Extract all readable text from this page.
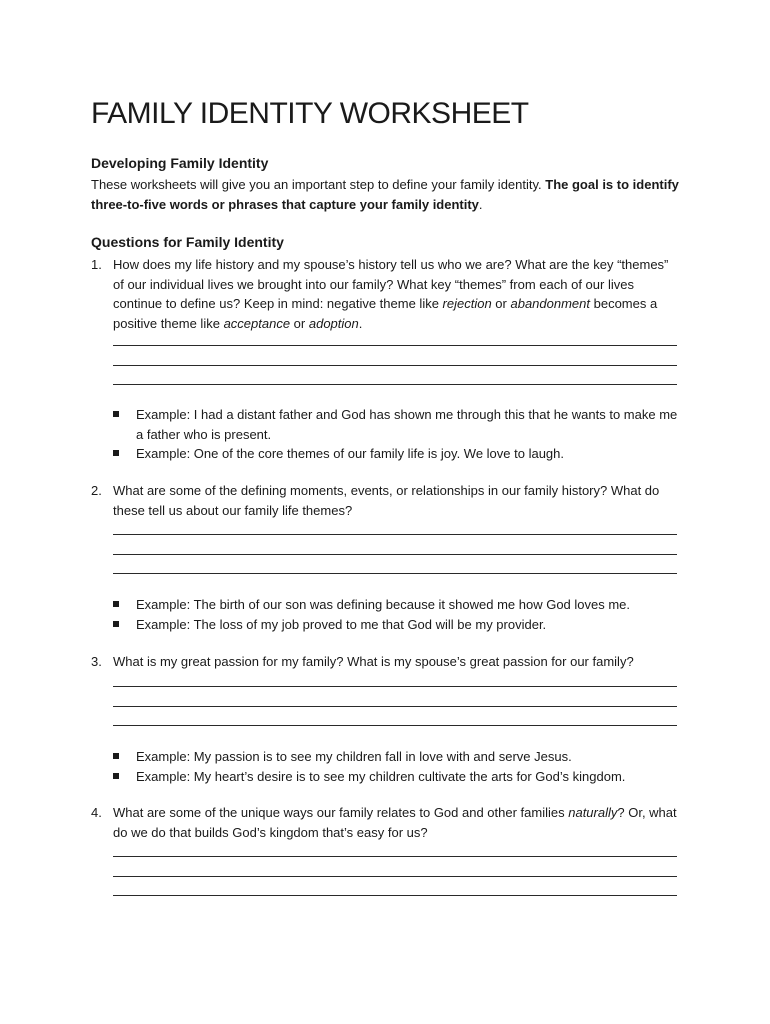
FAMILY IDENTITY WORKSHEET
Developing Family Identity

These worksheets will give you an important step to define your family identity. The goal is to identify three-to-five words or phrases that capture your family identity.

Questions for Family Identity
1. How does my life history and my spouse’s history tell us who we are? What are the key “themes” of our individual lives we brought into our family? What key “themes” from each of our lives continue to define us? Keep in mind: negative theme like rejection or abandonment becomes a positive theme like acceptance or adoption.
Example: I had a distant father and God has shown me through this that he wants to make me a father who is present.
Example: One of the core themes of our family life is joy. We love to laugh.
2. What are some of the defining moments, events, or relationships in our family history? What do these tell us about our family life themes?
Example: The birth of our son was defining because it showed me how God loves me.
Example: The loss of my job proved to me that God will be my provider.
3. What is my great passion for my family? What is my spouse’s great passion for our family?
Example: My passion is to see my children fall in love with and serve Jesus.
Example: My heart’s desire is to see my children cultivate the arts for God’s kingdom.
4. What are some of the unique ways our family relates to God and other families naturally? Or, what do we do that builds God’s kingdom that’s easy for us?
